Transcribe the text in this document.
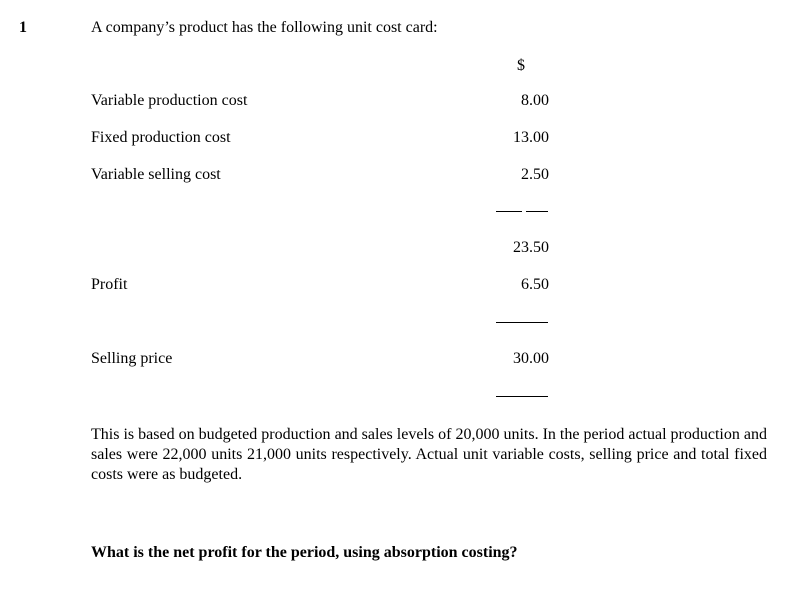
1	A company’s product has the following unit cost card:
$
Variable production cost	8.00
Fixed production cost	13.00
Variable selling cost	2.50
23.50
Profit	6.50
Selling price	30.00
This is based on budgeted production and sales levels of 20,000 units. In the period actual production and sales were 22,000 units 21,000 units respectively. Actual unit variable costs, selling price and total fixed costs were as budgeted.
What is the net profit for the period, using absorption costing?
